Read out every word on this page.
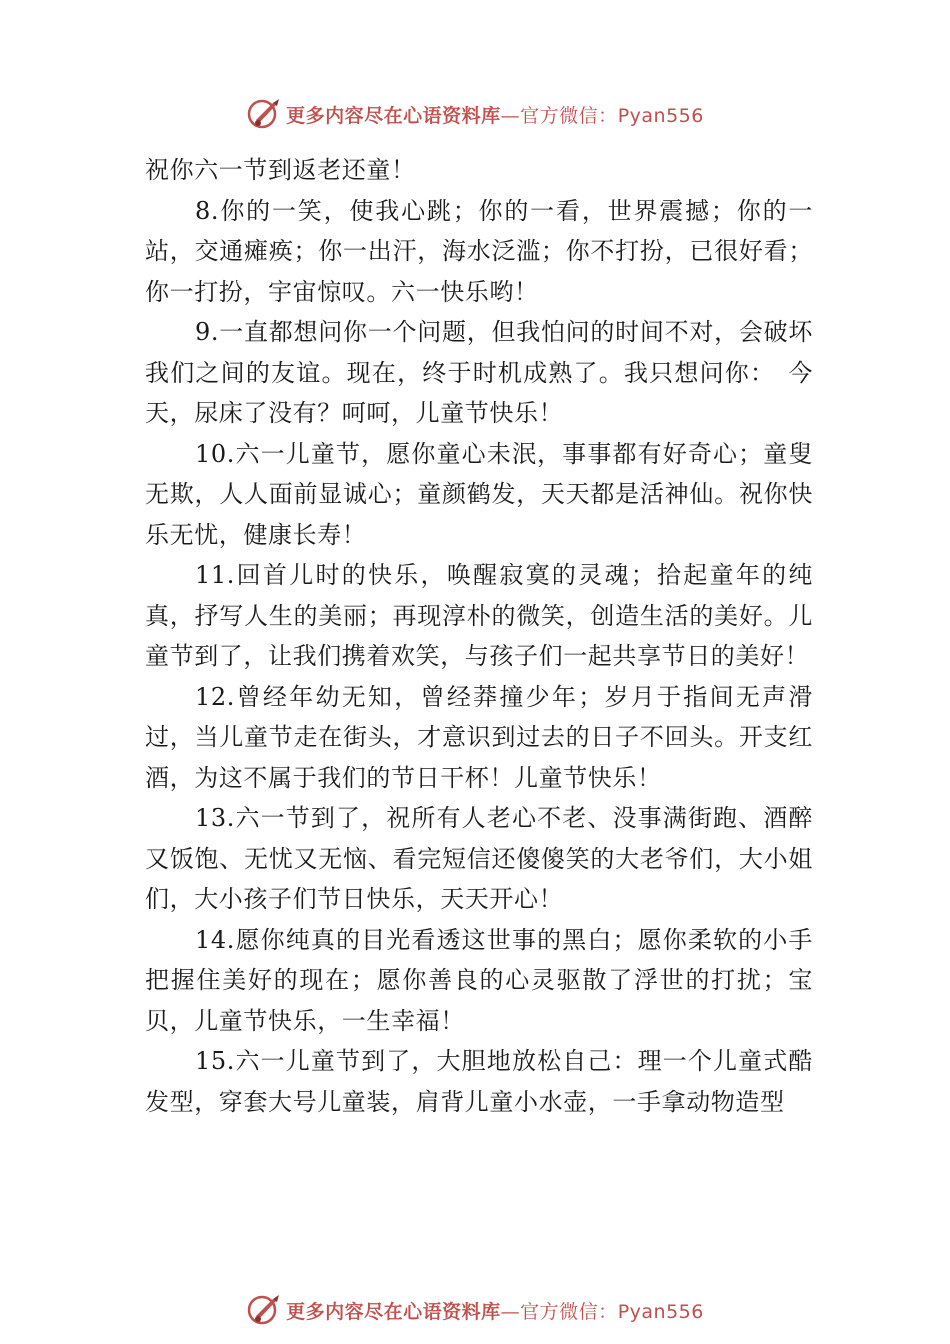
更多内容尽在心语资料库—官方微信：Pyan556

祝你六一节到返老还童！

8.你的一笑，使我心跳；你的一看，世界震撼；你的一站，交通瘫痪；你一出汗，海水泛滥；你不打扮，已很好看；你一打扮，宇宙惊叹。六一快乐哟！

9.一直都想问你一个问题，但我怕问的时间不对，会破坏我们之间的友谊。现在，终于时机成熟了。我只想问你：　今天，尿床了没有？呵呵，儿童节快乐！

10.六一儿童节，愿你童心未泯，事事都有好奇心；童叟无欺，人人面前显诚心；童颜鹤发，天天都是活神仙。祝你快乐无忧，健康长寿！

11.回首儿时的快乐，唤醒寂寞的灵魂；拾起童年的纯真，抒写人生的美丽；再现淳朴的微笑，创造生活的美好。儿童节到了，让我们携着欢笑，与孩子们一起共享节日的美好！

12.曾经年幼无知，曾经莽撞少年；岁月于指间无声滑过，当儿童节走在街头，才意识到过去的日子不回头。开支红酒，为这不属于我们的节日干杯！儿童节快乐！

13.六一节到了，祝所有人老心不老、没事满街跑、酒醉又饭饱、无忧又无恼、看完短信还傻傻笑的大老爷们，大小姐们，大小孩子们节日快乐，天天开心！

14.愿你纯真的目光看透这世事的黑白；愿你柔软的小手把握住美好的现在；愿你善良的心灵驱散了浮世的打扰；宝贝，儿童节快乐，一生幸福！

15.六一儿童节到了，大胆地放松自己：理一个儿童式酷发型，穿套大号儿童装，肩背儿童小水壶，一手拿动物造型

更多内容尽在心语资料库—官方微信：Pyan556
